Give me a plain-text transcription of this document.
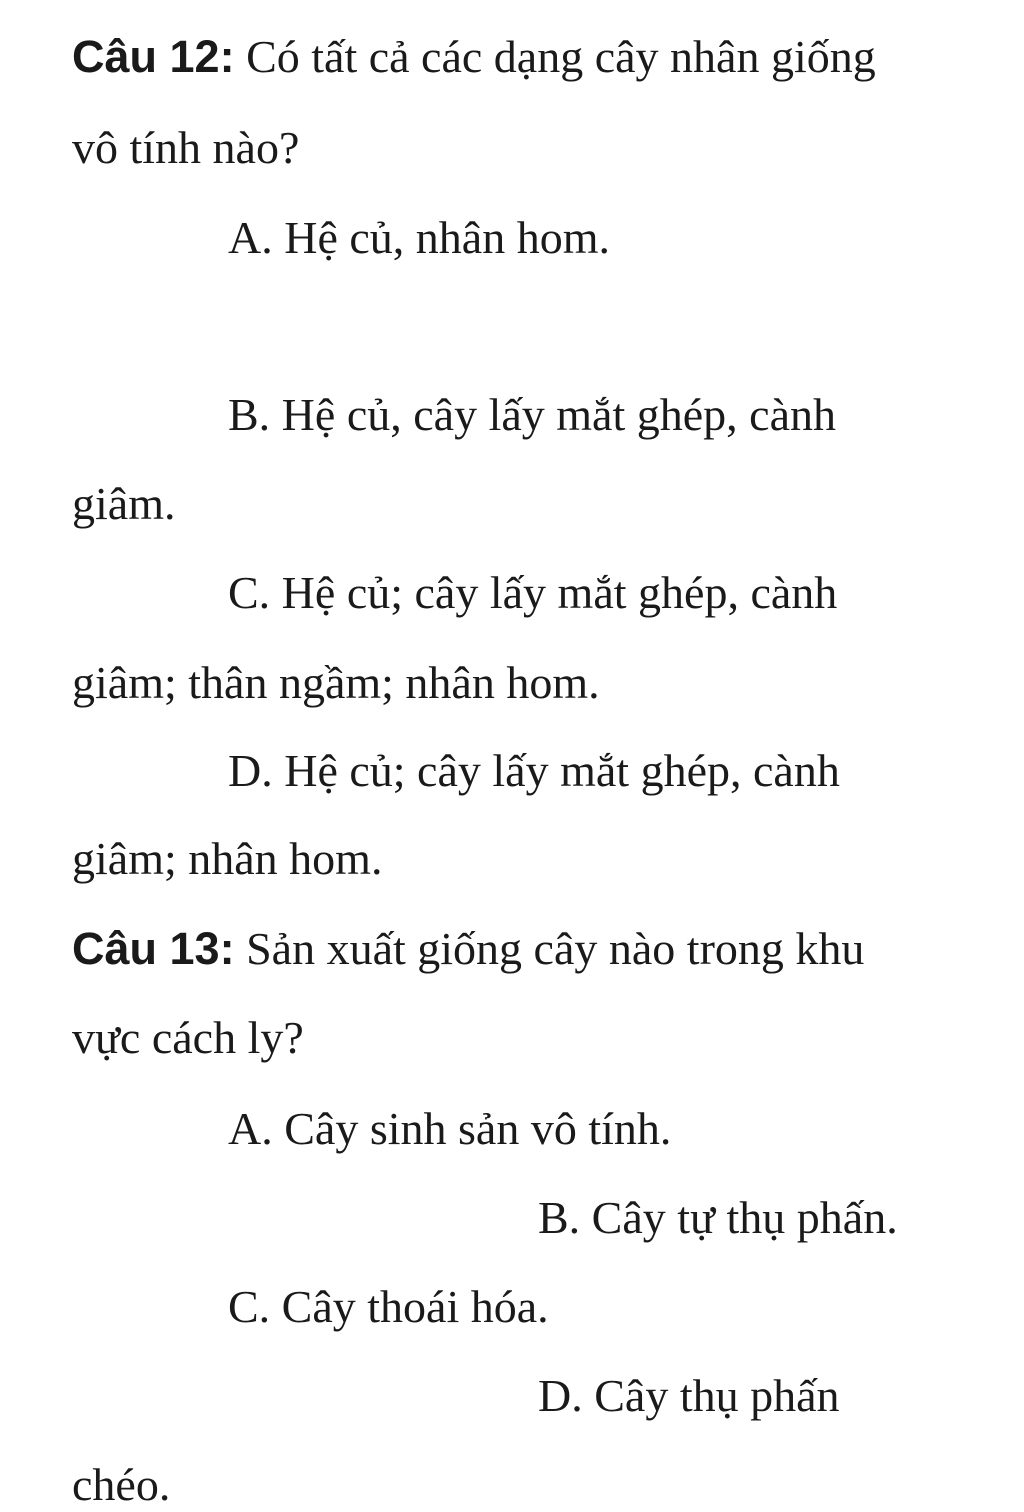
Câu 12: Có tất cả các dạng cây nhân giống
vô tính nào?
A. Hệ củ, nhân hom.
B. Hệ củ, cây lấy mắt ghép, cành
giâm.
C. Hệ củ; cây lấy mắt ghép, cành
giâm; thân ngầm; nhân hom.
D. Hệ củ; cây lấy mắt ghép, cành
giâm; nhân hom.
Câu 13: Sản xuất giống cây nào trong khu
vực cách ly?
A. Cây sinh sản vô tính.
B. Cây tự thụ phấn.
C. Cây thoái hóa.
D. Cây thụ phấn
chéo.
